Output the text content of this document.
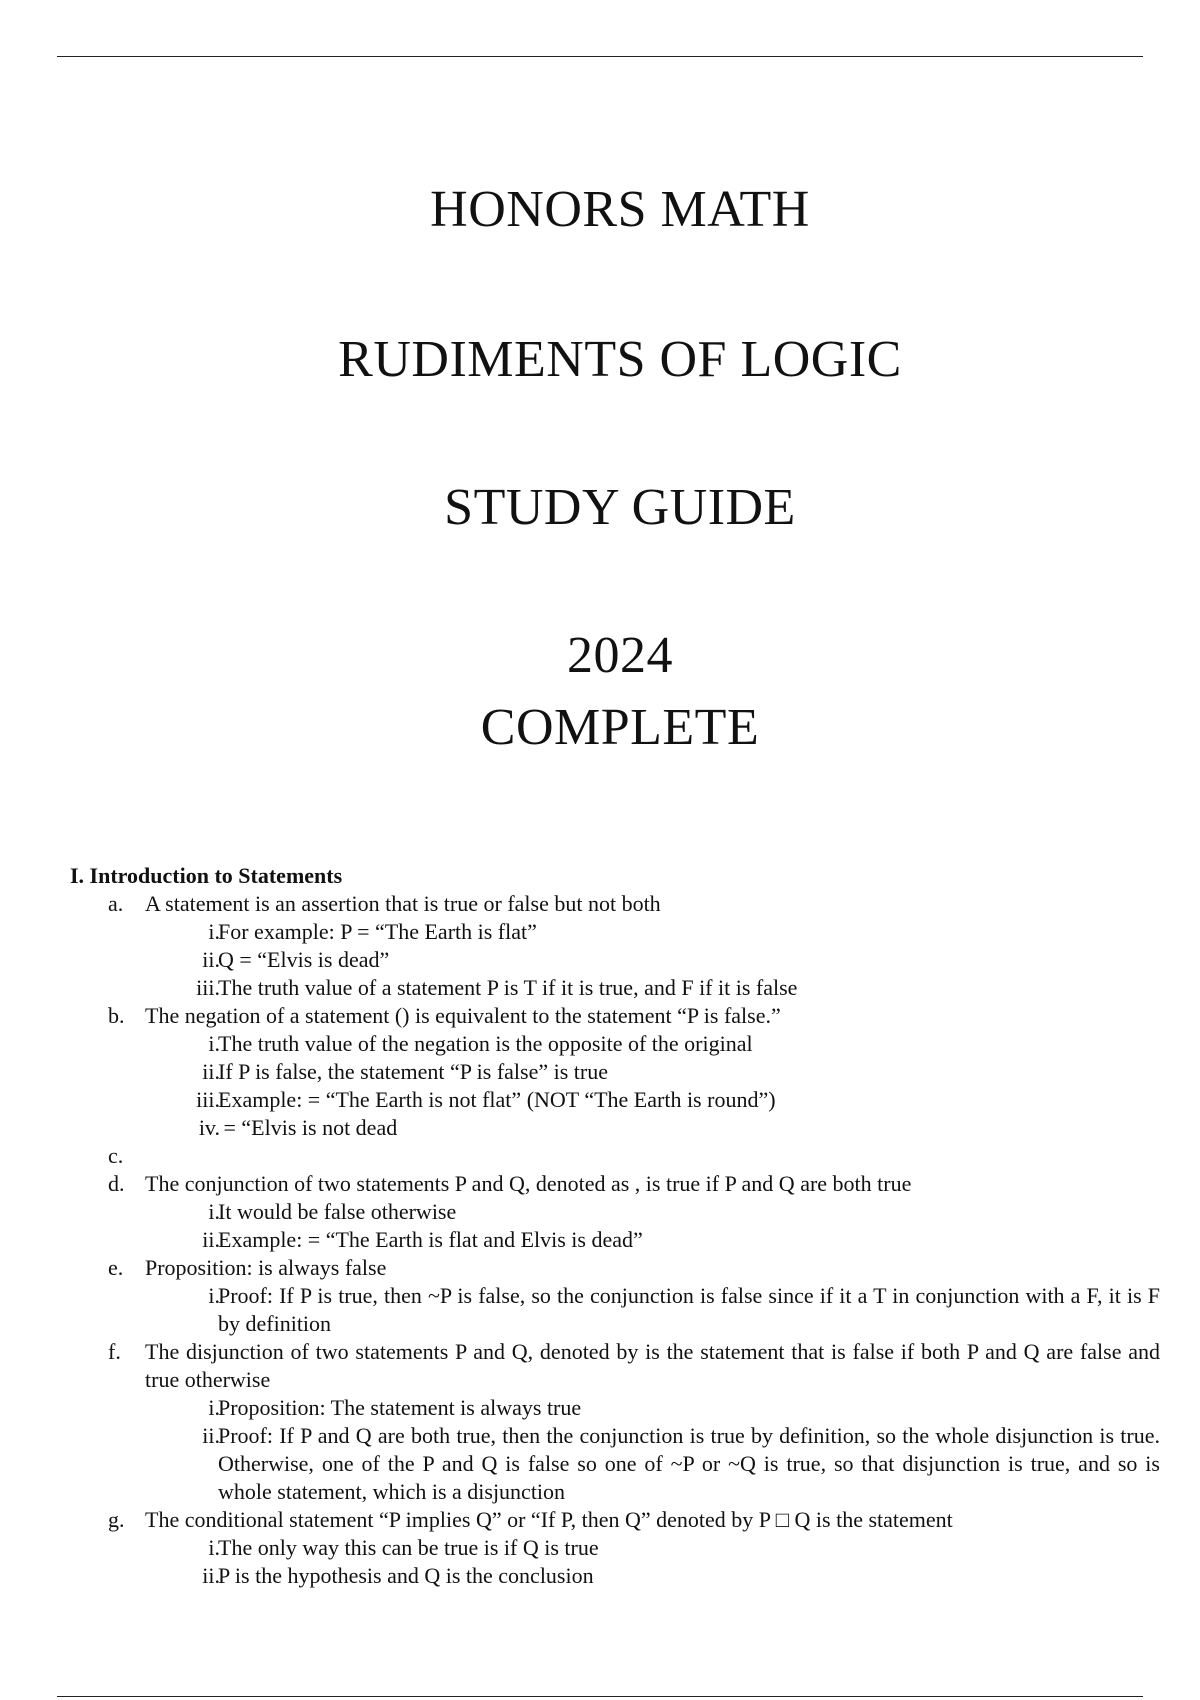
HONORS MATH
RUDIMENTS OF LOGIC
STUDY GUIDE
2024
COMPLETE
I. Introduction to Statements
a. A statement is an assertion that is true or false but not both
i.
For example: P = “The Earth is flat”
ii.
Q = “Elvis is dead”
iii.
The truth value of a statement P is T if it is true, and F if it is false
b. The negation of a statement () is equivalent to the statement “P is false.”
i.
The truth value of the negation is the opposite of the original
ii.
If P is false, the statement “P is false” is true
iii.
Example: = “The Earth is not flat” (NOT “The Earth is round”)
iv.
= “Elvis is not dead
c.
d. The conjunction of two statements P and Q, denoted as , is true if P and Q are both true
i.
It would be false otherwise
ii.
Example: = “The Earth is flat and Elvis is dead”
e. Proposition: is always false
i.
Proof: If P is true, then ~P is false, so the conjunction is false since if it a T in conjunction with a F, it is F by definition
f.	The disjunction of two statements P and Q, denoted by is the statement that is false if both P and Q are false and true otherwise
i.
Proposition: The statement is always true
ii.
Proof: If P and Q are both true, then the conjunction is true by definition, so the whole disjunction is true. Otherwise, one of the P and Q is false so one of ~P or ~Q is true, so that disjunction is true, and so is whole statement, which is a disjunction
g. The conditional statement “P implies Q” or “If P, then Q” denoted by P □ Q is the statement
i.
The only way this can be true is if Q is true
ii.
P is the hypothesis and Q is the conclusion
